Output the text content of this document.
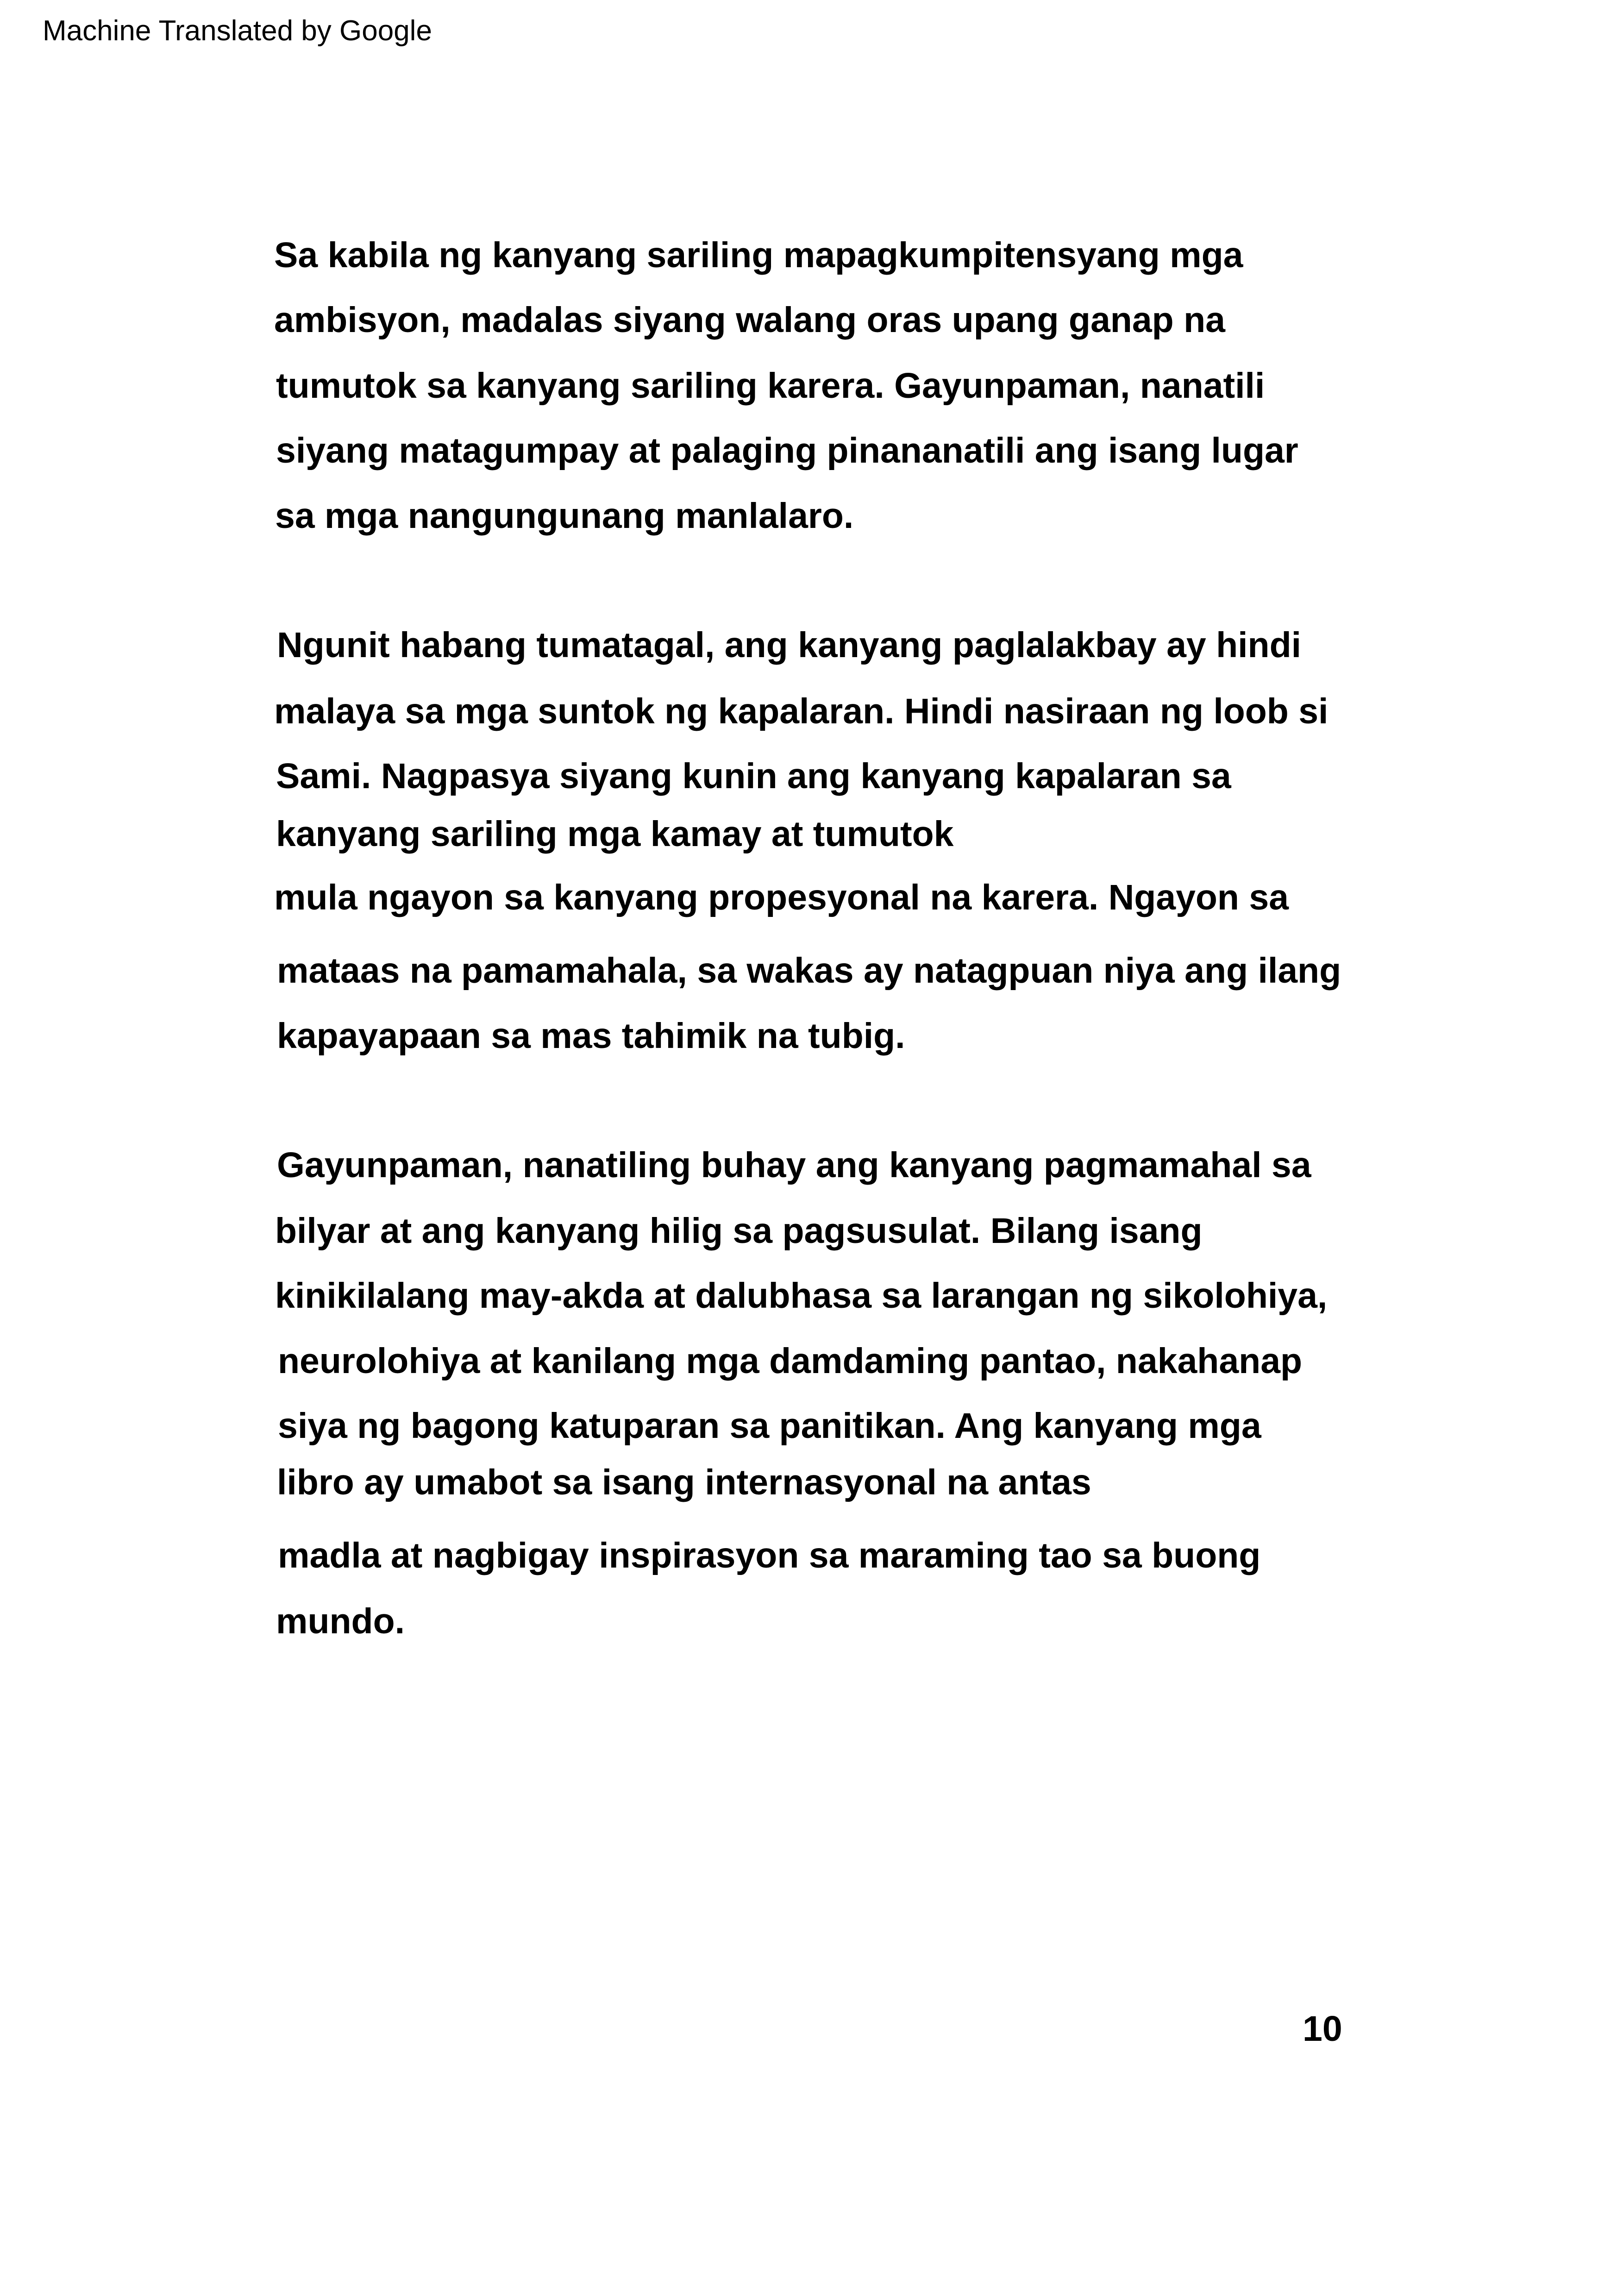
Machine Translated by Google
Sa kabila ng kanyang sariling mapagkumpitensyang mga
ambisyon, madalas siyang walang oras upang ganap na
tumutok sa kanyang sariling karera. Gayunpaman, nanatili
siyang matagumpay at palaging pinananatili ang isang lugar
sa mga nangungunang manlalaro.
Ngunit habang tumatagal, ang kanyang paglalakbay ay hindi
malaya sa mga suntok ng kapalaran. Hindi nasiraan ng loob si
Sami. Nagpasya siyang kunin ang kanyang kapalaran sa
kanyang sariling mga kamay at tumutok
mula ngayon sa kanyang propesyonal na karera. Ngayon sa
mataas na pamamahala, sa wakas ay natagpuan niya ang ilang
kapayapaan sa mas tahimik na tubig.
Gayunpaman, nanatiling buhay ang kanyang pagmamahal sa
bilyar at ang kanyang hilig sa pagsusulat. Bilang isang
kinikilalang may-akda at dalubhasa sa larangan ng sikolohiya,
neurolohiya at kanilang mga damdaming pantao, nakahanap
siya ng bagong katuparan sa panitikan. Ang kanyang mga
libro ay umabot sa isang internasyonal na antas
madla at nagbigay inspirasyon sa maraming tao sa buong
mundo.
10
